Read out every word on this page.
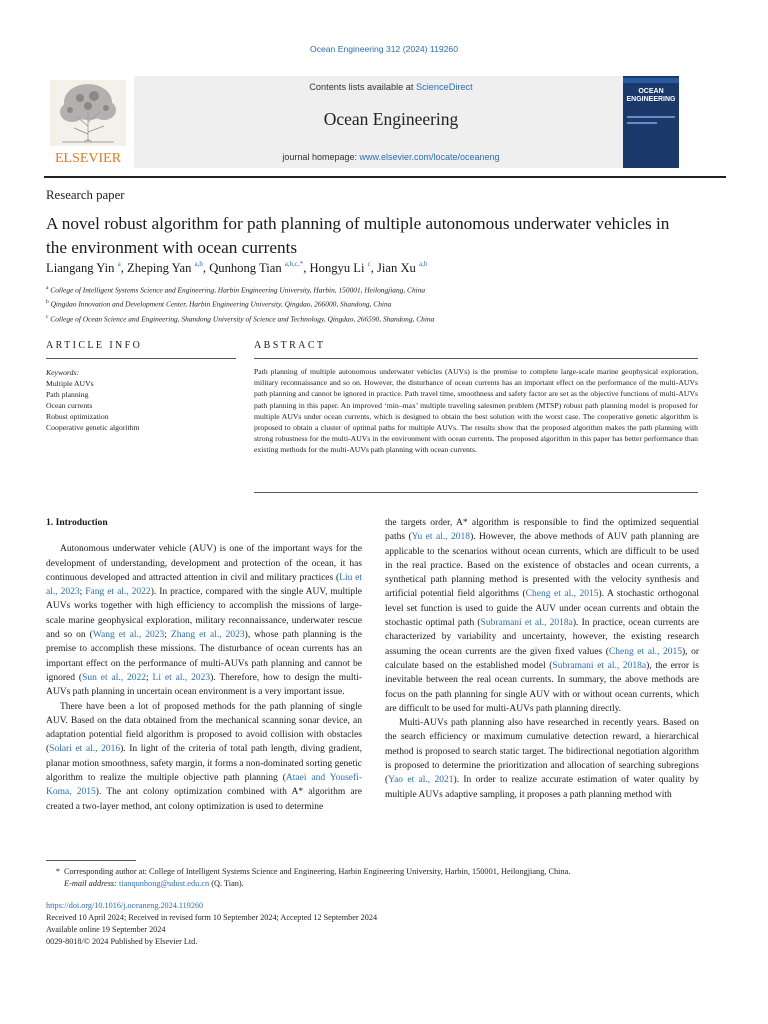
Ocean Engineering 312 (2024) 119260
ELSEVIER
Contents lists available at ScienceDirect
Ocean Engineering
journal homepage: www.elsevier.com/locate/oceaneng
OCEAN
ENGINEERING
Research paper
A novel robust algorithm for path planning of multiple autonomous underwater vehicles in the environment with ocean currents
Liangang Yin $^a$, Zheping Yan $^{a,b}$, Qunhong Tian $^{a,b,c,*}$, Hongyu Li $^c$, Jian Xu $^{a,b}$
$^a$ College of Intelligent Systems Science and Engineering, Harbin Engineering University, Harbin, 150001, Heilongjiang, China
$^b$ Qingdao Innovation and Development Center, Harbin Engineering University, Qingdao, 266000, Shandong, China
$^c$ College of Ocean Science and Engineering, Shandong University of Science and Technology, Qingdao, 266590, Shandong, China
ARTICLE INFO	ABSTRACT
Keywords:
Multiple AUVs
Path planning
Ocean currents
Robust optimization
Cooperative genetic algorithm
Path planning of multiple autonomous underwater vehicles (AUVs) is the premise to complete large-scale marine geophysical exploration, military reconnaissance and so on. However, the disturbance of ocean currents has an important effect on the performance of the multi-AUVs path planning and cannot be ignored in practice. Path travel time, smoothness and safety factor are set as the objective functions of multi-AUVs path planning in this paper. An improved ‘min–max’ multiple traveling salesmen problem (MTSP) robust path planning model is proposed for multiple AUVs under ocean currents, which is designed to obtain the best solution with the worst case. The cooperative genetic algorithm is proposed to obtain a cluster of optimal paths for multiple AUVs. The results show that the proposed algorithm makes the path planning with strong robustness for the multi-AUVs in the environment with ocean currents. The proposed algorithm in this paper has better performance than existing methods for the multi-AUVs path planning with ocean currents.

1. Introduction

Autonomous underwater vehicle (AUV) is one of the important ways for the development of understanding, development and protection of the ocean, it has continuous developed and attracted attention in civil and military practices (Liu et al., 2023; Fang et al., 2022). In practice, compared with the single AUV, multiple AUVs works together with high efficiency to accomplish the missions of large-scale marine geophysical exploration, military reconnaissance, underwater rescue and so on (Wang et al., 2023; Zhang et al., 2023), whose path planning is the premise to accomplish these missions. The disturbance of ocean currents has an important effect on the performance of multi-AUVs path planning and cannot be ignored (Sun et al., 2022; Li et al., 2023). Therefore, how to design the multi-AUVs path planning in uncertain ocean environment is a very important issue.

There have been a lot of proposed methods for the path planning of single AUV. Based on the data obtained from the mechanical scanning sonar device, an adaptation potential field algorithm is proposed to avoid collision with obstacles (Solari et al., 2016). In light of the criteria of total path length, diving gradient, planar motion smoothness, safety margin, it forms a non-dominated sorting genetic algorithm to realize the multiple objective path planning (Ataei and Yousefi-Koma, 2015). The ant colony optimization combined with A* algorithm are created a two-layer method, ant colony optimization is used to determine

the targets order, A* algorithm is responsible to find the optimized sequential paths (Yu et al., 2018). However, the above methods of AUV path planning are applicable to the scenarios without ocean currents, which are difficult to be used in the real practice. Based on the existence of obstacles and ocean currents, a synthetical path planning method is presented with the velocity synthesis and artificial potential field algorithms (Cheng et al., 2015). A stochastic orthogonal level set function is used to guide the AUV under ocean currents and obtain the stochastic optimal path (Subramani et al., 2018a). In practice, ocean currents are characterized by variability and uncertainty, however, the existing research assuming the ocean currents are the given fixed values (Cheng et al., 2015), or calculate based on the established model (Subramani et al., 2018a), the error is inevitable between the real ocean currents. In summary, the above methods are focus on the path planning for single AUV with or without ocean currents, which are difficult to be used for multi-AUVs path planning directly.

Multi-AUVs path planning also have researched in recently years. Based on the search efficiency or maximum cumulative detection reward, a hierarchical method is proposed to search static target. The bidirectional negotiation algorithm is proposed to determine the prioritization and allocation of searching subregions (Yao et al., 2021). In order to realize accurate estimation of water quality by multiple AUVs adaptive sampling, it proposes a path planning method with

* Corresponding author at: College of Intelligent Systems Science and Engineering, Harbin Engineering University, Harbin, 150001, Heilongjiang, China.
E-mail address: tianqunhong@sdust.edu.cn (Q. Tian).
https://doi.org/10.1016/j.oceaneng.2024.119260
Received 10 April 2024; Received in revised form 10 September 2024; Accepted 12 September 2024
Available online 19 September 2024
0029-8018/© 2024 Published by Elsevier Ltd.
